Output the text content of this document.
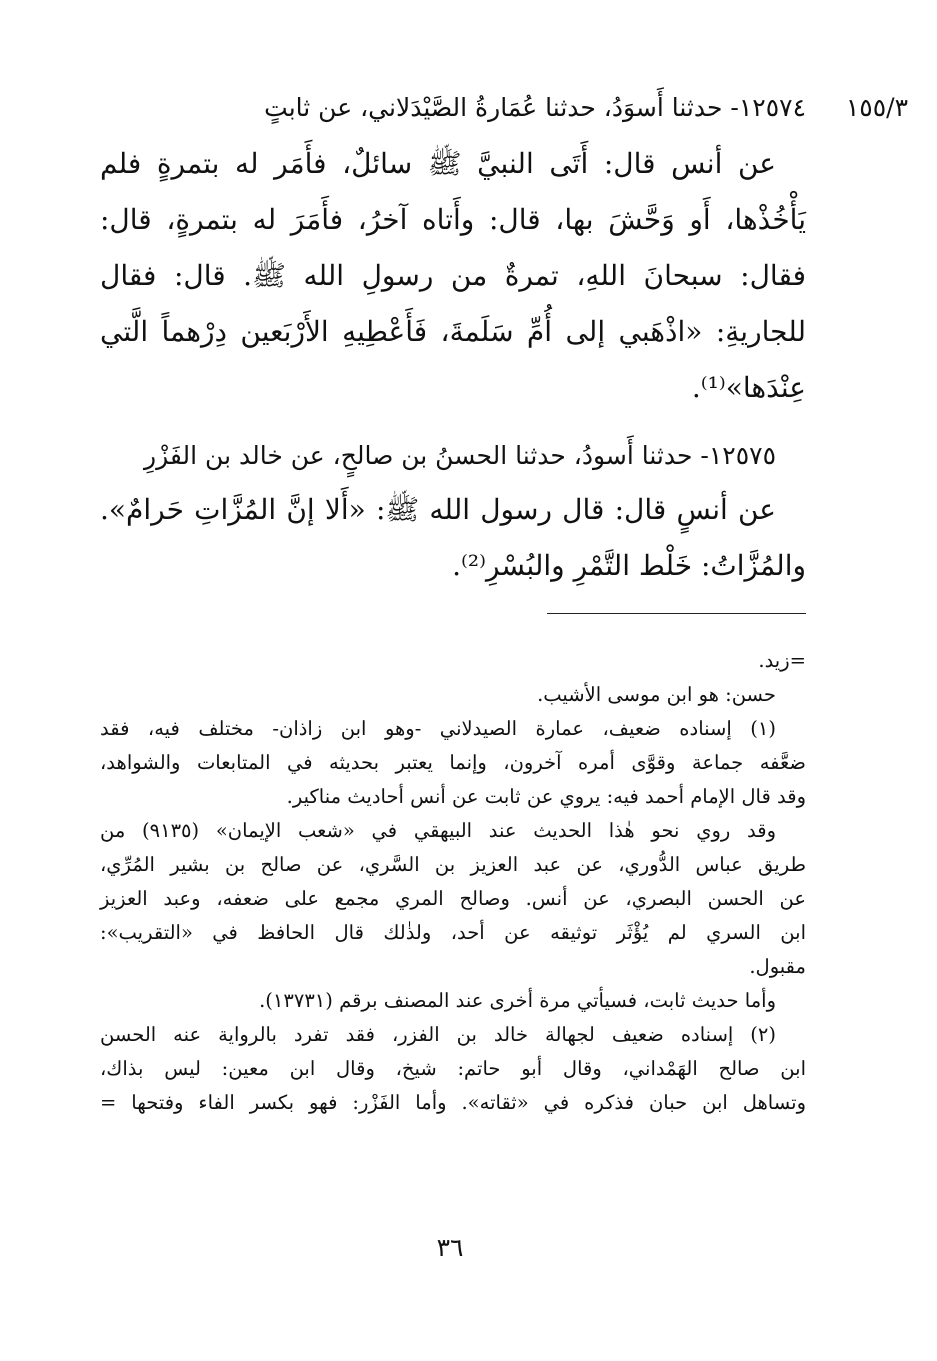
١٥٥/٣
١٢٥٧٤- حدثنا أَسوَدُ، حدثنا عُمَارةُ الصَّيْدَلاني، عن ثابتٍ
عن أنس قال: أَتَى النبيَّ ﷺ سائلٌ، فأَمَر له بتمرةٍ فلم
يَأْخُذْها، أَو وَحَّشَ بها، قال: وأَتاه آخرُ، فأَمَرَ له بتمرةٍ، قال:
فقال: سبحانَ اللهِ، تمرةٌ من رسولِ الله ﷺ. قال: فقال
للجاريةِ: «اذْهَبي إلى أُمِّ سَلَمةَ، فَأَعْطِيهِ الأَرْبَعين دِرْهماً الَّتي
عِنْدَها»⁽¹⁾.
١٢٥٧٥- حدثنا أَسودُ، حدثنا الحسنُ بن صالحٍ، عن خالد بن الفَزْرِ
عن أنسٍ قال: قال رسول الله ﷺ: «أَلا إنَّ المُزَّاتِ حَرامٌ».
والمُزَّاتُ: خَلْط التَّمْرِ والبُسْرِ⁽²⁾.
=زيد.
حسن: هو ابن موسى الأشيب.
(١) إسناده ضعيف، عمارة الصيدلاني -وهو ابن زاذان- مختلف فيه، فقد
ضعَّفه جماعة وقوَّى أمره آخرون، وإنما يعتبر بحديثه في المتابعات والشواهد،
وقد قال الإمام أحمد فيه: يروي عن ثابت عن أنس أحاديث مناكير.
وقد روي نحو هٰذا الحديث عند البيهقي في «شعب الإيمان» (٩١٣٥) من
طريق عباس الدُّوري، عن عبد العزيز بن السَّري، عن صالح بن بشير المُرِّي،
عن الحسن البصري، عن أنس. وصالح المري مجمع على ضعفه، وعبد العزيز
ابن السري لم يُؤْثَر توثيقه عن أحد، ولذٰلك قال الحافظ في «التقريب»:
مقبول.
وأما حديث ثابت، فسيأتي مرة أخرى عند المصنف برقم (١٣٧٣١).
(٢) إسناده ضعيف لجهالة خالد بن الفزر، فقد تفرد بالرواية عنه الحسن
ابن صالح الهَمْداني، وقال أبو حاتم: شيخ، وقال ابن معين: ليس بذاك،
وتساهل ابن حبان فذكره في «ثقاته». وأما الفَزْر: فهو بكسر الفاء وفتحها =
٣٦
